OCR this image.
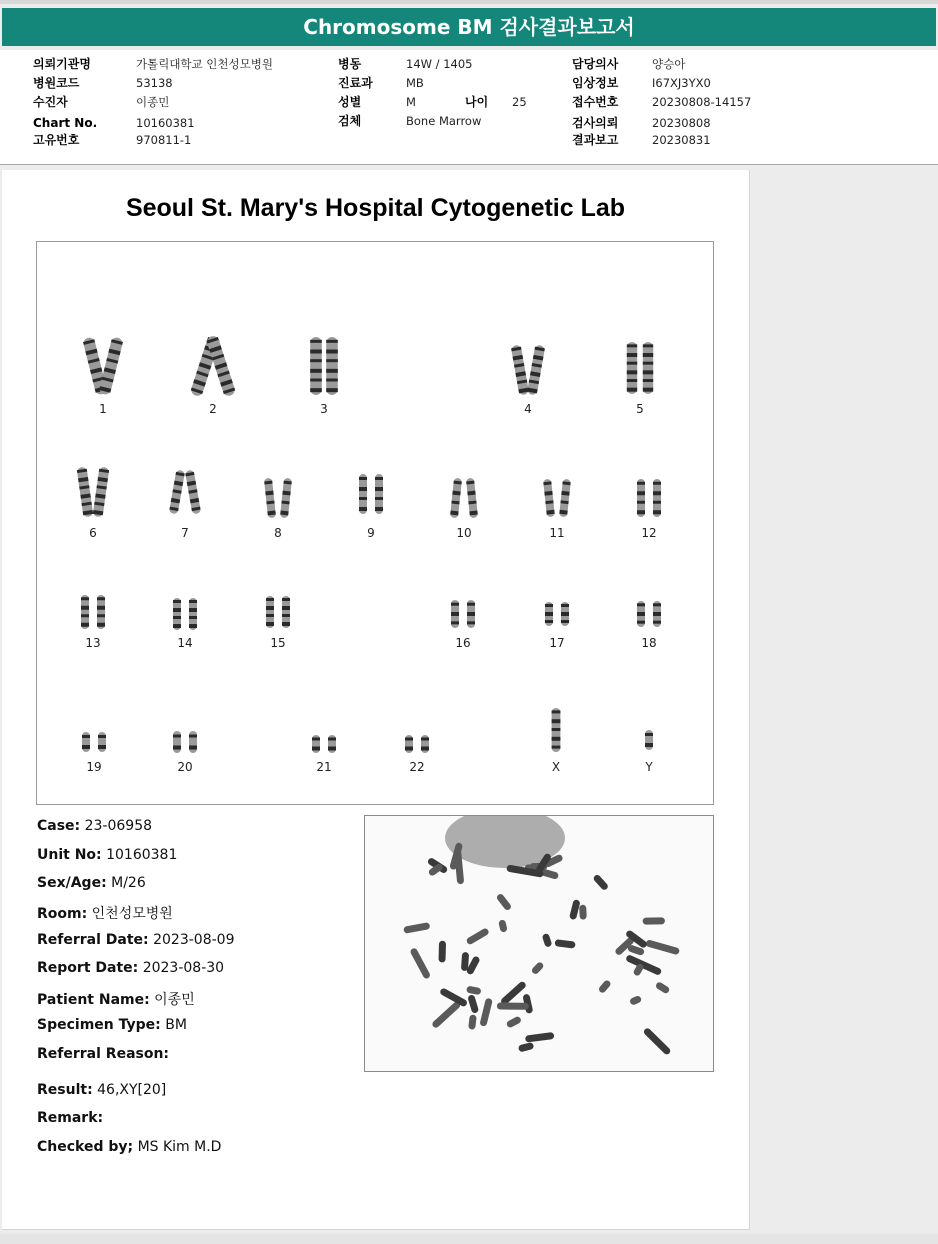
Chromosome BM 검사결과보고서
의뢰기관명	가톨릭대학교 인천성모병원
병원코드	53138
수진자	이종민
Chart No.	10160381
고유번호	970811-1
병동	14W / 1405
진료과	MB
성별	M	나이 25
검체	Bone Marrow
담당의사	양승아
임상정보	I67XJ3YX0
접수번호	20230808-14157
검사의뢰	20230808
결과보고	20230831
Seoul St. Mary's Hospital Cytogenetic Lab
1	2	3	4	5
6	7	8	9	10	11	12
13	14	15	16	17	18
19	20	21	22	X	Y
Case: 23-06958
Unit No: 10160381
Sex/Age: M/26
Room: 인천성모병원
Referral Date: 2023-08-09
Report Date: 2023-08-30
Patient Name: 이종민
Specimen Type: BM
Referral Reason:
Result: 46,XY[20]
Remark:
Checked by; MS Kim M.D
